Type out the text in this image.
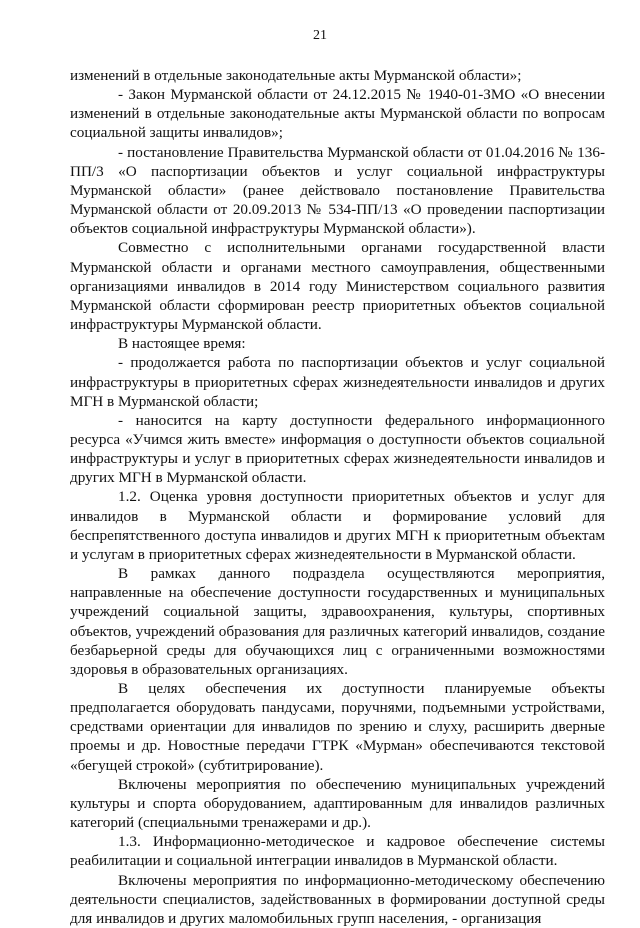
21

изменений в отдельные законодательные акты Мурманской области»;

- Закон Мурманской области от 24.12.2015 № 1940-01-ЗМО «О внесении изменений в отдельные законодательные акты Мурманской области по вопросам социальной защиты инвалидов»;

- постановление Правительства Мурманской области от 01.04.2016 № 136-ПП/3 «О паспортизации объектов и услуг социальной инфраструктуры Мурманской области» (ранее действовало постановление Правительства Мурманской области от 20.09.2013 № 534-ПП/13 «О проведении паспортизации объектов социальной инфраструктуры Мурманской области»).

Совместно с исполнительными органами государственной власти Мурманской области и органами местного самоуправления, общественными организациями инвалидов в 2014 году Министерством социального развития Мурманской области сформирован реестр приоритетных объектов социальной инфраструктуры Мурманской области.

В настоящее время:

- продолжается работа по паспортизации объектов и услуг социальной инфраструктуры в приоритетных сферах жизнедеятельности инвалидов и других МГН в Мурманской области;

- наносится на карту доступности федерального информационного ресурса «Учимся жить вместе» информация о доступности объектов социальной инфраструктуры и услуг в приоритетных сферах жизнедеятельности инвалидов и других МГН в Мурманской области.

1.2. Оценка уровня доступности приоритетных объектов и услуг для инвалидов в Мурманской области и формирование условий для беспрепятственного доступа инвалидов и других МГН к приоритетным объектам и услугам в приоритетных сферах жизнедеятельности в Мурманской области.

В рамках данного подраздела осуществляются мероприятия, направленные на обеспечение доступности государственных и муниципальных учреждений социальной защиты, здравоохранения, культуры, спортивных объектов, учреждений образования для различных категорий инвалидов, создание безбарьерной среды для обучающихся лиц с ограниченными возможностями здоровья в образовательных организациях.

В целях обеспечения их доступности планируемые объекты предполагается оборудовать пандусами, поручнями, подъемными устройствами, средствами ориентации для инвалидов по зрению и слуху, расширить дверные проемы и др. Новостные передачи ГТРК «Мурман» обеспечиваются текстовой «бегущей строкой» (субтитрирование).

Включены мероприятия по обеспечению муниципальных учреждений культуры и спорта оборудованием, адаптированным для инвалидов различных категорий (специальными тренажерами и др.).

1.3. Информационно-методическое и кадровое обеспечение системы реабилитации и социальной интеграции инвалидов в Мурманской области.

Включены мероприятия по информационно-методическому обеспечению деятельности специалистов, задействованных в формировании доступной среды для инвалидов и других маломобильных групп населения, - организация
